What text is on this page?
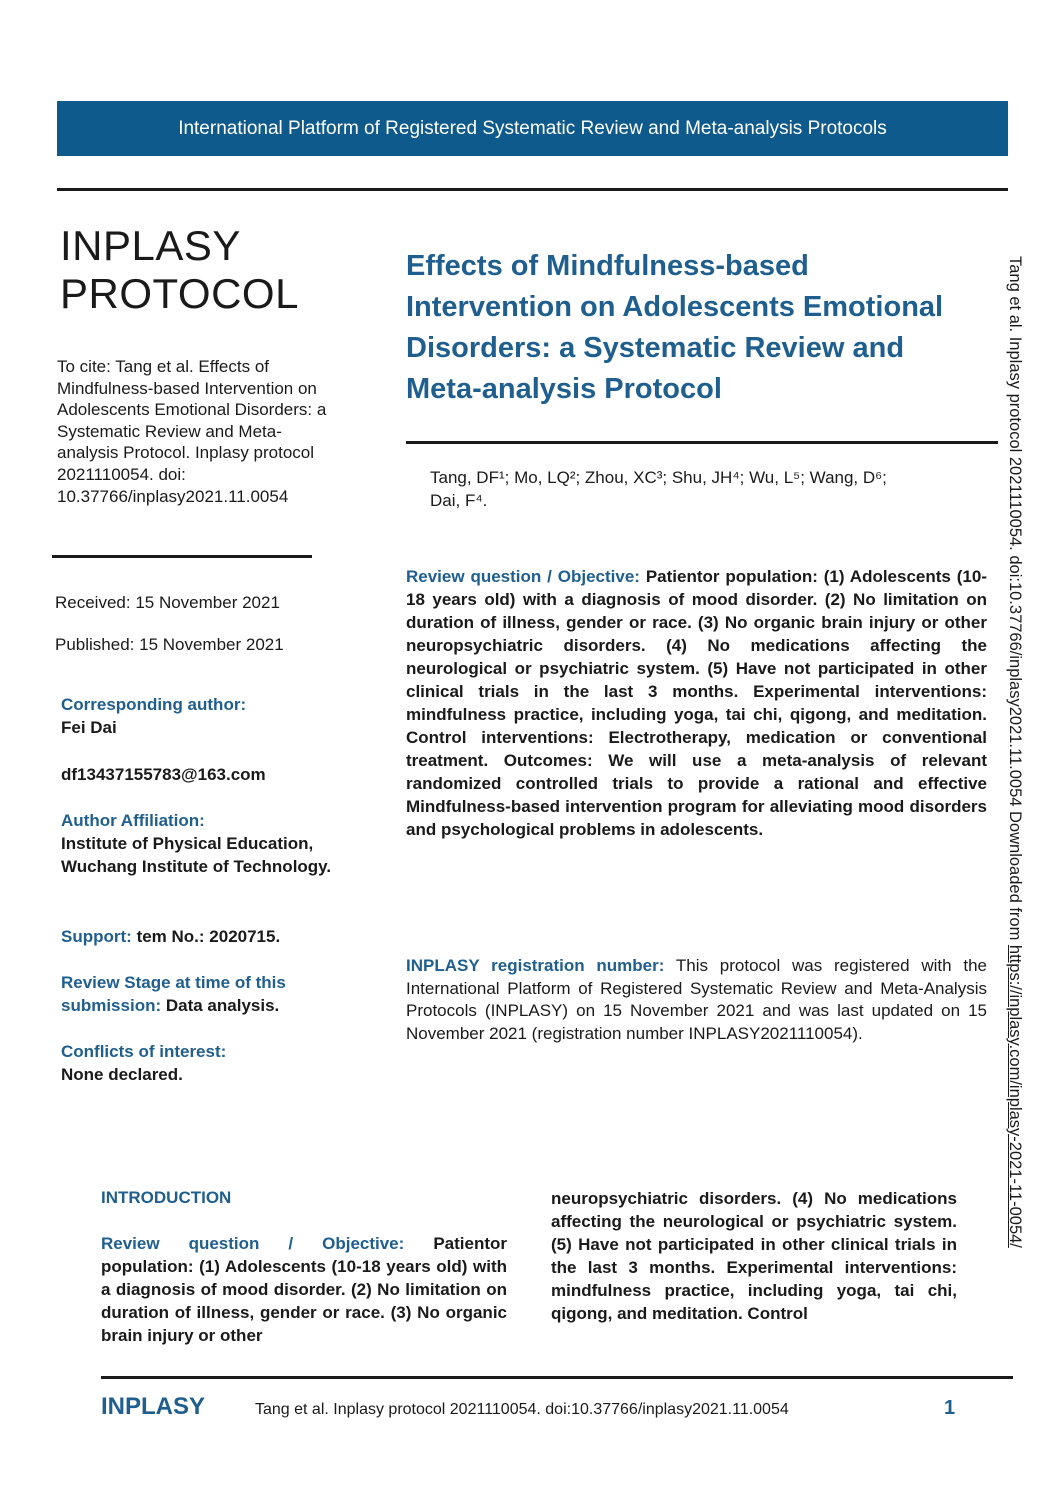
International Platform of Registered Systematic Review and Meta-analysis Protocols
INPLASY
PROTOCOL
To cite: Tang et al. Effects of Mindfulness-based Intervention on Adolescents Emotional Disorders: a Systematic Review and Meta-analysis Protocol. Inplasy protocol 2021110054. doi: 10.37766/inplasy2021.11.0054
Received: 15 November 2021
Published: 15 November 2021
Corresponding author:
Fei Dai
df13437155783@163.com
Author Affiliation:
Institute of Physical Education, Wuchang Institute of Technology.
Support: tem No.: 2020715.
Review Stage at time of this submission: Data analysis.
Conflicts of interest:
None declared.
Effects of Mindfulness-based Intervention on Adolescents Emotional Disorders: a Systematic Review and Meta-analysis Protocol

Tang, DF¹; Mo, LQ²; Zhou, XC³; Shu, JH⁴; Wu, L⁵; Wang, D⁶;

Dai, F⁴.

Review question / Objective: Patientor population: (1) Adolescents (10-18 years old) with a diagnosis of mood disorder. (2) No limitation on duration of illness, gender or race. (3) No organic brain injury or other neuropsychiatric disorders. (4) No medications affecting the neurological or psychiatric system. (5) Have not participated in other clinical trials in the last 3 months. Experimental interventions: mindfulness practice, including yoga, tai chi, qigong, and meditation. Control interventions: Electrotherapy, medication or conventional treatment. Outcomes: We will use a meta-analysis of relevant randomized controlled trials to provide a rational and effective Mindfulness-based intervention program for alleviating mood disorders and psychological problems in adolescents.
INPLASY registration number: This protocol was registered with the International Platform of Registered Systematic Review and Meta-Analysis Protocols (INPLASY) on 15 November 2021 and was last updated on 15 November 2021 (registration number INPLASY2021110054).
INTRODUCTION
Review question / Objective: Patientor population: (1) Adolescents (10-18 years old) with a diagnosis of mood disorder. (2) No limitation on duration of illness, gender or race. (3) No organic brain injury or other
neuropsychiatric disorders. (4) No medications affecting the neurological or psychiatric system. (5) Have not participated in other clinical trials in the last 3 months. Experimental interventions: mindfulness practice, including yoga, tai chi, qigong, and meditation. Control
Tang et al. Inplasy protocol 2021110054. doi:10.37766/inplasy2021.11.0054 Downloaded from https://inplasy.com/inplasy-2021-11-0054/
INPLASY	Tang et al. Inplasy protocol 2021110054. doi:10.37766/inplasy2021.11.0054	1
